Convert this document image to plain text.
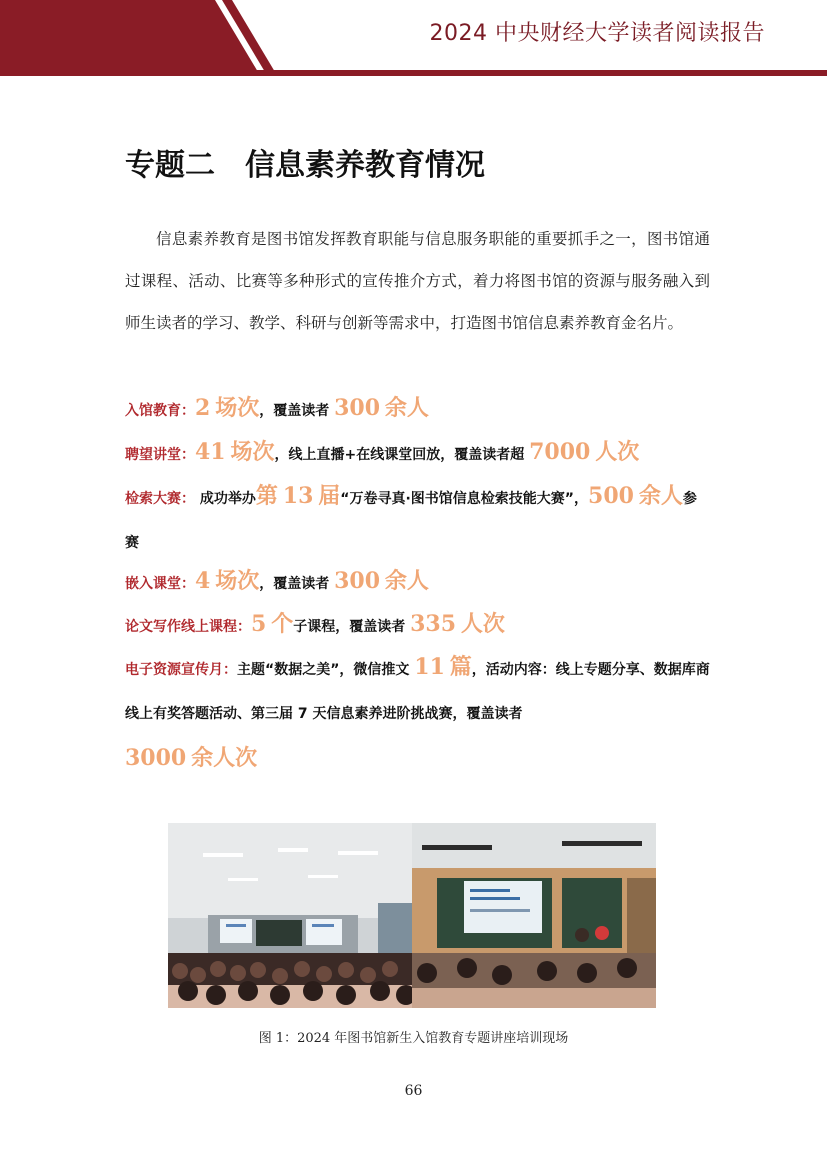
2024 中央财经大学读者阅读报告
专题二　信息素养教育情况
信息素养教育是图书馆发挥教育职能与信息服务职能的重要抓手之一，图书馆通过课程、活动、比赛等多种形式的宣传推介方式，着力将图书馆的资源与服务融入到师生读者的学习、教学、科研与创新等需求中，打造图书馆信息素养教育金名片。
入馆教育：2 场次，覆盖读者 300 余人
聘望讲堂：41 场次，线上直播+在线课堂回放，覆盖读者超 7000 人次
检索大赛： 成功举办第 13 届“万卷寻真·图书馆信息检索技能大赛”，500 余人参赛
嵌入课堂：4 场次，覆盖读者 300 余人
论文写作线上课程：5 个子课程，覆盖读者 335 人次
电子资源宣传月：主题“数据之美”，微信推文 11 篇，活动内容：线上专题分享、数据库商线上有奖答题活动、第三届 7 天信息素养进阶挑战赛，覆盖读者
3000 余人次
图 1：2024 年图书馆新生入馆教育专题讲座培训现场
66
